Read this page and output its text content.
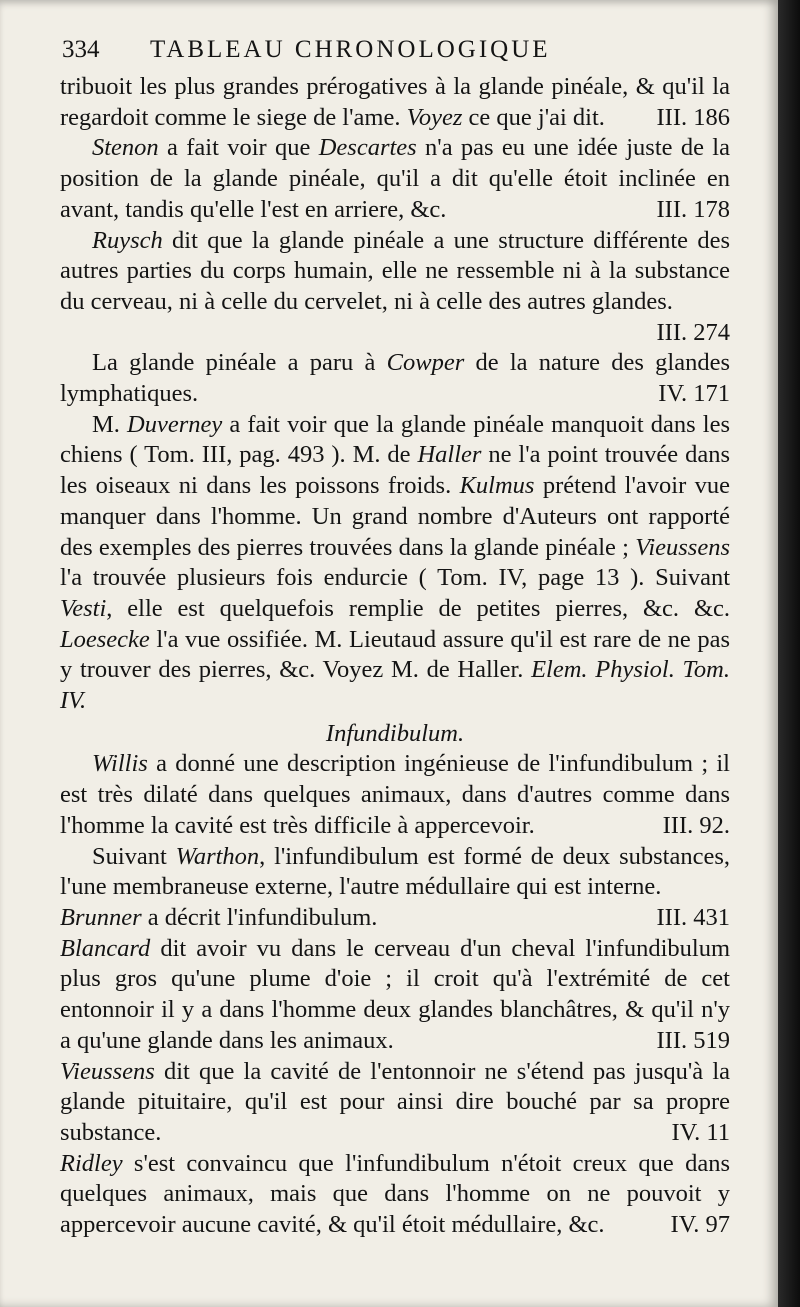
334 TABLEAU CHRONOLOGIQUE

tribuoit les plus grandes prérogatives à la glande pinéale, & qu'il la regardoit comme le siege de l'ame. Voyez ce que j'ai dit. III. 186

Stenon a fait voir que Descartes n'a pas eu une idée juste de la position de la glande pinéale, qu'il a dit qu'elle étoit inclinée en avant, tandis qu'elle l'est en arriere, &c.	III. 178

Ruysch dit que la glande pinéale a une structure différente des autres parties du corps humain, elle ne ressemble ni à la substance du cerveau, ni à celle du cervelet, ni à celle des autres glandes.
III. 274

La glande pinéale a paru à Cowper de la nature des glandes lymphatiques.	IV. 171

M. Duverney a fait voir que la glande pinéale manquoit dans les chiens ( Tom. III, pag. 493 ). M. de Haller ne l'a point trouvée dans les oiseaux ni dans les poissons froids. Kulmus prétend l'avoir vue manquer dans l'homme. Un grand nombre d'Auteurs ont rapporté des exemples des pierres trouvées dans la glande pinéale ; Vieussens l'a trouvée plusieurs fois endurcie ( Tom. IV, page 13 ). Suivant Vesti, elle est quelquefois remplie de petites pierres, &c. &c. Loesecke l'a vue ossifiée. M. Lieutaud assure qu'il est rare de ne pas y trouver des pierres, &c. Voyez M. de Haller. Elem. Physiol. Tom. IV.

Infundibulum.

Willis a donné une description ingénieuse de l'infundibulum ; il est très dilaté dans quelques animaux, dans d'autres comme dans l'homme la cavité est très difficile à appercevoir.	III. 92.

Suivant Warthon, l'infundibulum est formé de deux substances, l'une membraneuse externe, l'autre médullaire qui est interne.

Brunner a décrit l'infundibulum.	III. 431

Blancard dit avoir vu dans le cerveau d'un cheval l'infundibulum plus gros qu'une plume d'oie ; il croit qu'à l'extrémité de cet entonnoir il y a dans l'homme deux glandes blanchâtres, & qu'il n'y a qu'une glande dans les animaux.	III. 519

Vieussens dit que la cavité de l'entonnoir ne s'étend pas jusqu'à la glande pituitaire, qu'il est pour ainsi dire bouché par sa propre substance.	IV. 11

Ridley s'est convaincu que l'infundibulum n'étoit creux que dans quelques animaux, mais que dans l'homme on ne pouvoit y appercevoir aucune cavité, & qu'il étoit médullaire, &c.	IV. 97
